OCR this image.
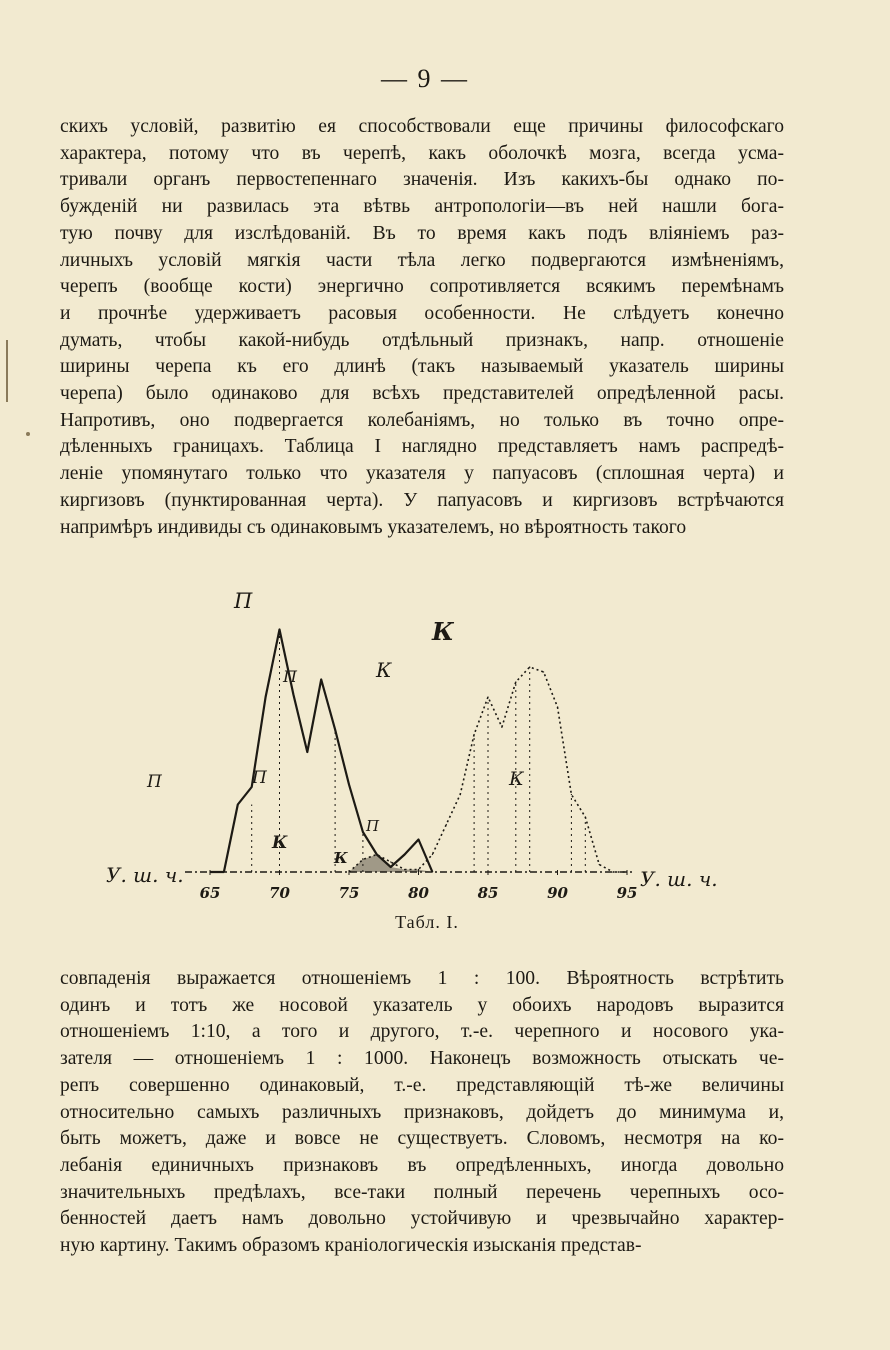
— 9 —
скихъ условій, развитію ея способствовали еще причины философскаго
характера, потому что въ черепѣ, какъ оболочкѣ мозга, всегда усма-
тривали органъ первостепеннаго значенія. Изъ какихъ-бы однако по-
бужденій ни развилась эта вѣтвь антропологіи—въ ней нашли бога-
тую почву для изслѣдованій. Въ то время какъ подъ вліяніемъ раз-
личныхъ условій мягкія части тѣла легко подвергаются измѣненіямъ,
черепъ (вообще кости) энергично сопротивляется всякимъ перемѣнамъ
и прочнѣе удерживаетъ расовыя особенности. Не слѣдуетъ конечно
думать, чтобы какой-нибудь отдѣльный признакъ, напр. отношеніе
ширины черепа къ его длинѣ (такъ называемый указатель ширины
черепа) было одинаково для всѣхъ представителей опредѣленной расы.
Напротивъ, оно подвергается колебаніямъ, но только въ точно опре-
дѣленныхъ границахъ. Таблица I наглядно представляетъ намъ распредѣ-
леніе упомянутаго только что указателя у папуасовъ (сплошная черта) и
киргизовъ (пунктированная черта). У папуасовъ и киргизовъ встрѣчаются
напримѣръ индивиды съ одинаковымъ указателемъ, но вѣроятность такого
65	70	75	80	85	90	95
У. ш. ч.	У. ш. ч.
П
П
П
П
П
К
К
К
К
К
Табл. I.
совпаденія выражается отношеніемъ 1 : 100. Вѣроятность встрѣтить
одинъ и тотъ же носовой указатель у обоихъ народовъ выразится
отношеніемъ 1:10, а того и другого, т.-е. черепного и носового ука-
зателя — отношеніемъ 1 : 1000. Наконецъ возможность отыскать че-
репъ совершенно одинаковый, т.-е. представляющій тѣ-же величины
относительно самыхъ различныхъ признаковъ, дойдетъ до минимума и,
быть можетъ, даже и вовсе не существуетъ. Словомъ, несмотря на ко-
лебанія единичныхъ признаковъ въ опредѣленныхъ, иногда довольно
значительныхъ предѣлахъ, все-таки полный перечень черепныхъ осо-
бенностей даетъ намъ довольно устойчивую и чрезвычайно характер-
ную картину. Такимъ образомъ краніологическія изысканія представ-
